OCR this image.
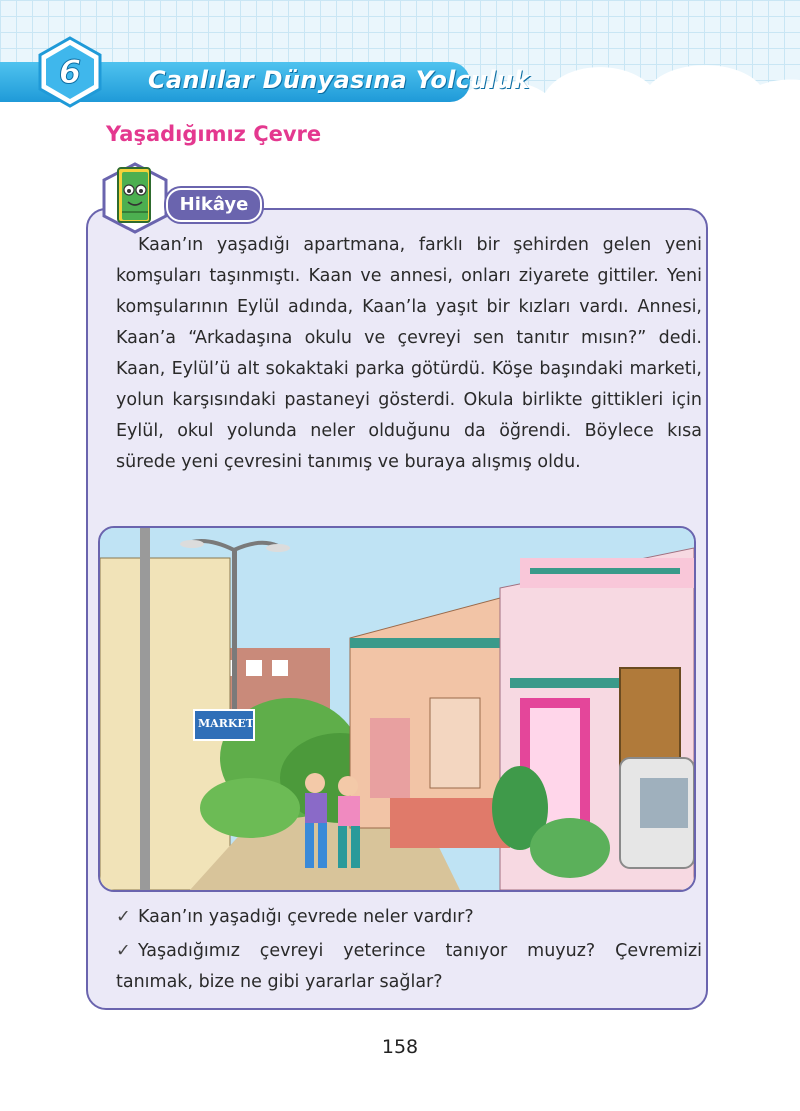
6	Canlılar Dünyasına Yolculuk
Yaşadığımız Çevre
Hikâye

Kaan’ın yaşadığı apartmana, farklı bir şehirden gelen yeni komşuları taşınmıştı. Kaan ve annesi, onları ziyarete gittiler. Yeni komşularının Eylül adında, Kaan’la yaşıt bir kızları vardı. Annesi, Kaan’a “Arkadaşına okulu ve çevreyi sen tanıtır mısın?” dedi. Kaan, Eylül’ü alt sokaktaki parka götürdü. Köşe başındaki marketi, yolun karşısındaki pastaneyi gösterdi. Okula birlikte gittikleri için Eylül, okul yolunda neler olduğunu da öğrendi. Böylece kısa sürede yeni çevresini tanımış ve buraya alışmış oldu.

MARKET

✓ Kaan’ın yaşadığı çevrede neler vardır?

✓ Yaşadığımız çevreyi yeterince tanıyor muyuz? Çevremizi tanımak, bize ne gibi yararlar sağlar?

158
